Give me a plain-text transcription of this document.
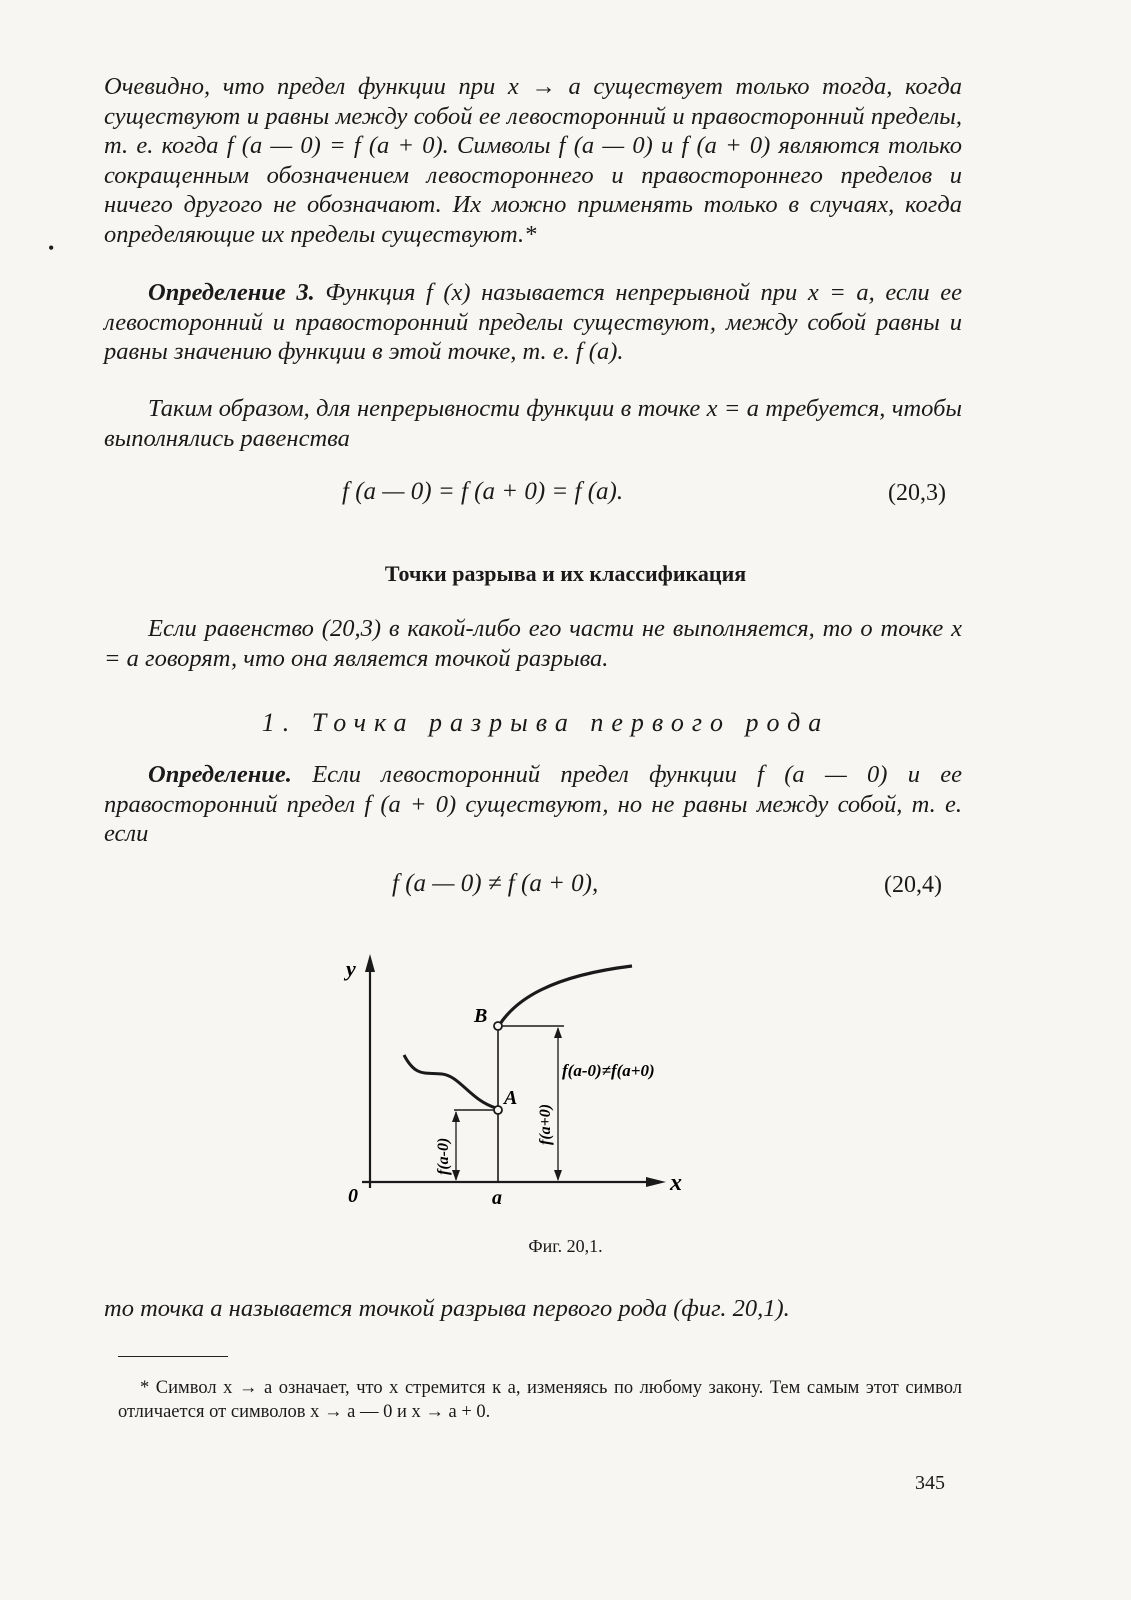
•
Очевидно, что предел функции при x → a существует только тогда, когда существуют и равны между собой ее левосторонний и правосторонний пределы, т. е. когда f (a — 0) = f (a + 0). Символы f (a — 0) и f (a + 0) являются только сокращенным обозначением левостороннего и правостороннего пределов и ничего другого не обозначают. Их можно применять только в случаях, когда определяющие их пределы существуют.*
Определение 3. Функция f (x) называется непрерывной при x = a, если ее левосторонний и правосторонний пределы существуют, между собой равны и равны значению функции в этой точке, т. е. f (a).
Таким образом, для непрерывности функции в точке x = a требуется, чтобы выполнялись равенства
f (a — 0) = f (a + 0) = f (a).	(20,3)
Точки разрыва и их классификация
Если равенство (20,3) в какой-либо его части не выполняется, то о точке x = a говорят, что она является точкой разрыва.
1. Точка разрыва первого рода
Определение. Если левосторонний предел функции f (a — 0) и ее правосторонний предел f (a + 0) существуют, но не равны между собой, т. е. если
f (a — 0) ≠ f (a + 0),	(20,4)
y
x
0	a
A
B
f(a-0)
f(a+0)
f(a-0)≠f(a+0)
Фиг. 20,1.
то точка a называется точкой разрыва первого рода (фиг. 20,1).
* Символ x → a означает, что x стремится к a, изменяясь по любому закону. Тем самым этот символ отличается от символов x → a — 0 и x → a + 0.
345
